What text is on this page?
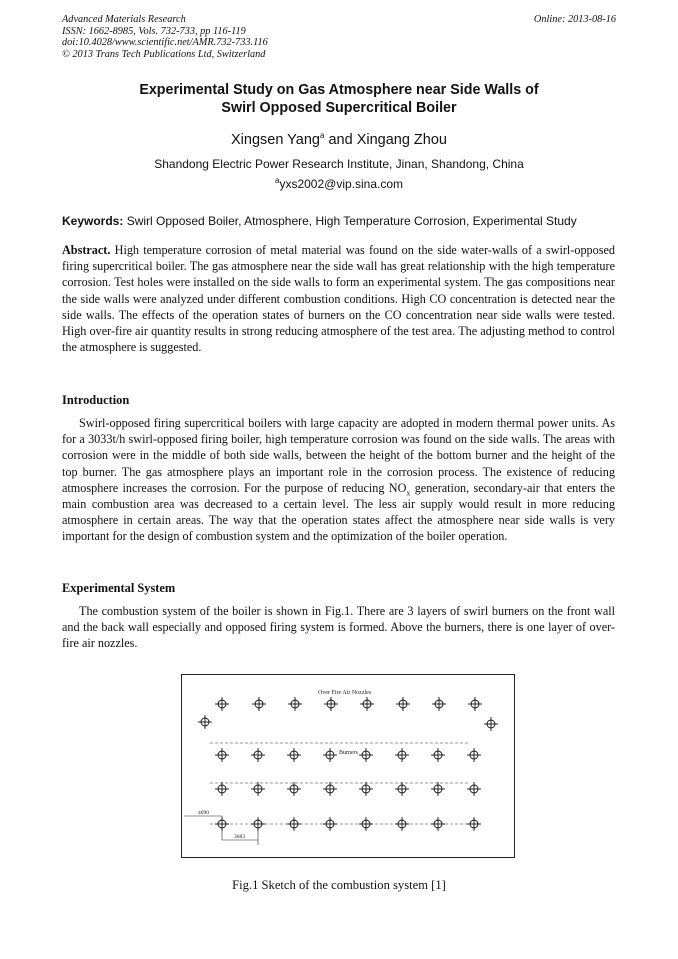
Advanced Materials Research
ISSN: 1662-8985, Vols. 732-733, pp 116-119
doi:10.4028/www.scientific.net/AMR.732-733.116
© 2013 Trans Tech Publications Ltd, Switzerland
Online: 2013-08-16
Experimental Study on Gas Atmosphere near Side Walls of
Swirl Opposed Supercritical Boiler
Xingsen Yang$^a$ and Xingang Zhou
Shandong Electric Power Research Institute, Jinan, Shandong, China
$^a$yxs2002@vip.sina.com
Keywords: Swirl Opposed Boiler, Atmosphere, High Temperature Corrosion, Experimental Study
Abstract. High temperature corrosion of metal material was found on the side water-walls of a swirl-opposed firing supercritical boiler. The gas atmosphere near the side wall has great relationship with the high temperature corrosion. Test holes were installed on the side walls to form an experimental system. The gas compositions near the side walls were analyzed under different combustion conditions. High CO concentration is detected near the side walls. The effects of the operation states of burners on the CO concentration near side walls were tested. High over-fire air quantity results in strong reducing atmosphere of the test area. The adjusting method to control the atmosphere is suggested.
Introduction
Swirl-opposed firing supercritical boilers with large capacity are adopted in modern thermal power units. As for a 3033t/h swirl-opposed firing boiler, high temperature corrosion was found on the side walls. The areas with corrosion were in the middle of both side walls, between the height of the bottom burner and the height of the top burner. The gas atmosphere plays an important role in the corrosion process. The existence of reducing atmosphere increases the corrosion. For the purpose of reducing $NO_x$ generation, secondary-air that enters the main combustion area was decreased to a certain level. The less air supply would result in more reducing atmosphere in certain areas. The way that the operation states affect the atmosphere near side walls is very important for the design of combustion system and the optimization of the boiler operation.
Experimental System
The combustion system of the boiler is shown in Fig.1. There are 3 layers of swirl burners on the front wall and the back wall especially and opposed firing system is formed. Above the burners, there is one layer of over-fire air nozzles.
Over Fire Air Nozzles
Burners
4090
3683
Fig.1 Sketch of the combustion system [1]
